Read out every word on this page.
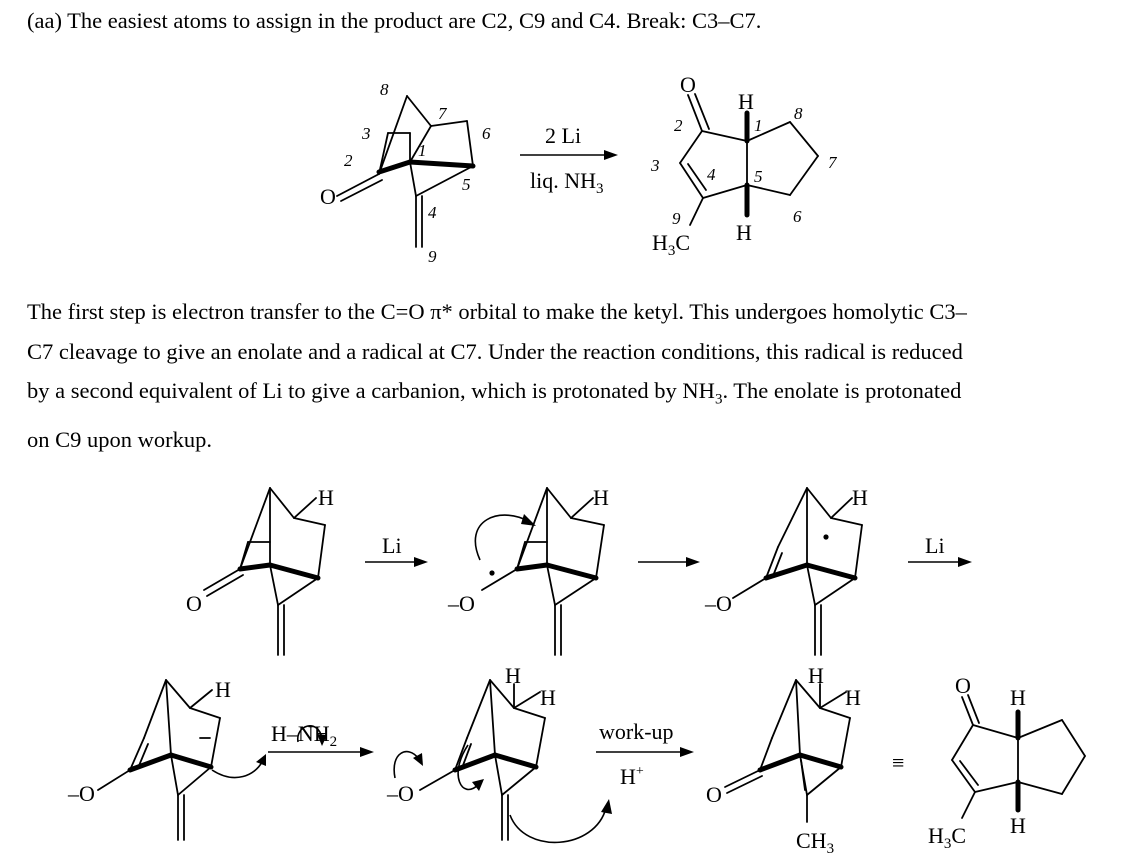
(aa) The easiest atoms to assign in the product are C2, C9 and C4. Break: C3–C7.
O
8
7
3
1
2
6
5
4
9
2 Li
liq. $NH_3$
O
H
H
$H_3C$
2	1
8
3	4 5
7
9	6
O
H
Li
–O
H
–O
H
Li
–O
H
$H-NH_2$
–O
H
H
work-up
H+
O
H
H
$CH_3$
≡
O H
H
$H_3C$
The first step is electron transfer to the C=O π* orbital to make the ketyl. This undergoes homolytic C3–
C7 cleavage to give an enolate and a radical at C7. Under the reaction conditions, this radical is reduced
by a second equivalent of Li to give a carbanion, which is protonated by $NH_3$. The enolate is protonated
on C9 upon workup.
